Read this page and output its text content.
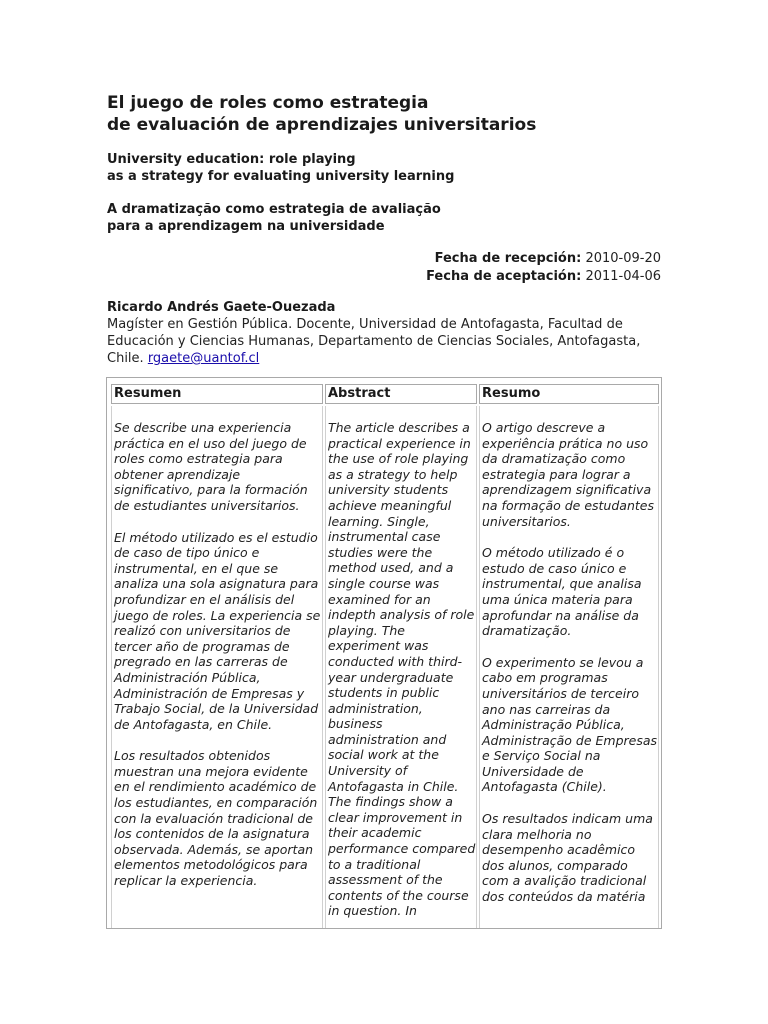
El juego de roles como estrategia
de evaluación de aprendizajes universitarios
University education: role playing
as a strategy for evaluating university learning
A dramatização como estrategia de avaliação
para a aprendizagem na universidade
Fecha de recepción: 2010-09-20
Fecha de aceptación: 2011-04-06
Ricardo Andrés Gaete-Ouezada
Magíster en Gestión Pública. Docente, Universidad de Antofagasta, Facultad de
Educación y Ciencias Humanas, Departamento de Ciencias Sociales, Antofagasta,
Chile. rgaete@uantof.cl
Resumen

Se describe una experiencia
práctica en el uso del juego de
roles como estrategia para
obtener aprendizaje
significativo, para la formación
de estudiantes universitarios.

El método utilizado es el estudio
de caso de tipo único e
instrumental, en el que se
analiza una sola asignatura para
profundizar en el análisis del
juego de roles. La experiencia se
realizó con universitarios de
tercer año de programas de
pregrado en las carreras de
Administración Pública,
Administración de Empresas y
Trabajo Social, de la Universidad
de Antofagasta, en Chile.

Los resultados obtenidos
muestran una mejora evidente
en el rendimiento académico de
los estudiantes, en comparación
con la evaluación tradicional de
los contenidos de la asignatura
observada. Además, se aportan
elementos metodológicos para
replicar la experiencia.

Abstract

The article describes a
practical experience in
the use of role playing
as a strategy to help
university students
achieve meaningful
learning. Single,
instrumental case
studies were the
method used, and a
single course was
examined for an
indepth analysis of role
playing. The
experiment was
conducted with third-
year undergraduate
students in public
administration,
business
administration and
social work at the
University of
Antofagasta in Chile.
The findings show a
clear improvement in
their academic
performance compared
to a traditional
assessment of the
contents of the course
in question. In

Resumo

O artigo descreve a
experiência prática no uso
da dramatização como
estrategia para lograr a
aprendizagem significativa
na formação de estudantes
universitarios.

O método utilizado é o
estudo de caso único e
instrumental, que analisa
uma única materia para
aprofundar na análise da
dramatização.

O experimento se levou a
cabo em programas
universitários de terceiro
ano nas carreiras da
Administração Pública,
Administração de Empresas
e Serviço Social na
Universidade de
Antofagasta (Chile).

Os resultados indicam uma
clara melhoria no
desempenho acadêmico
dos alunos, comparado
com a avalição tradicional
dos conteúdos da matéria
